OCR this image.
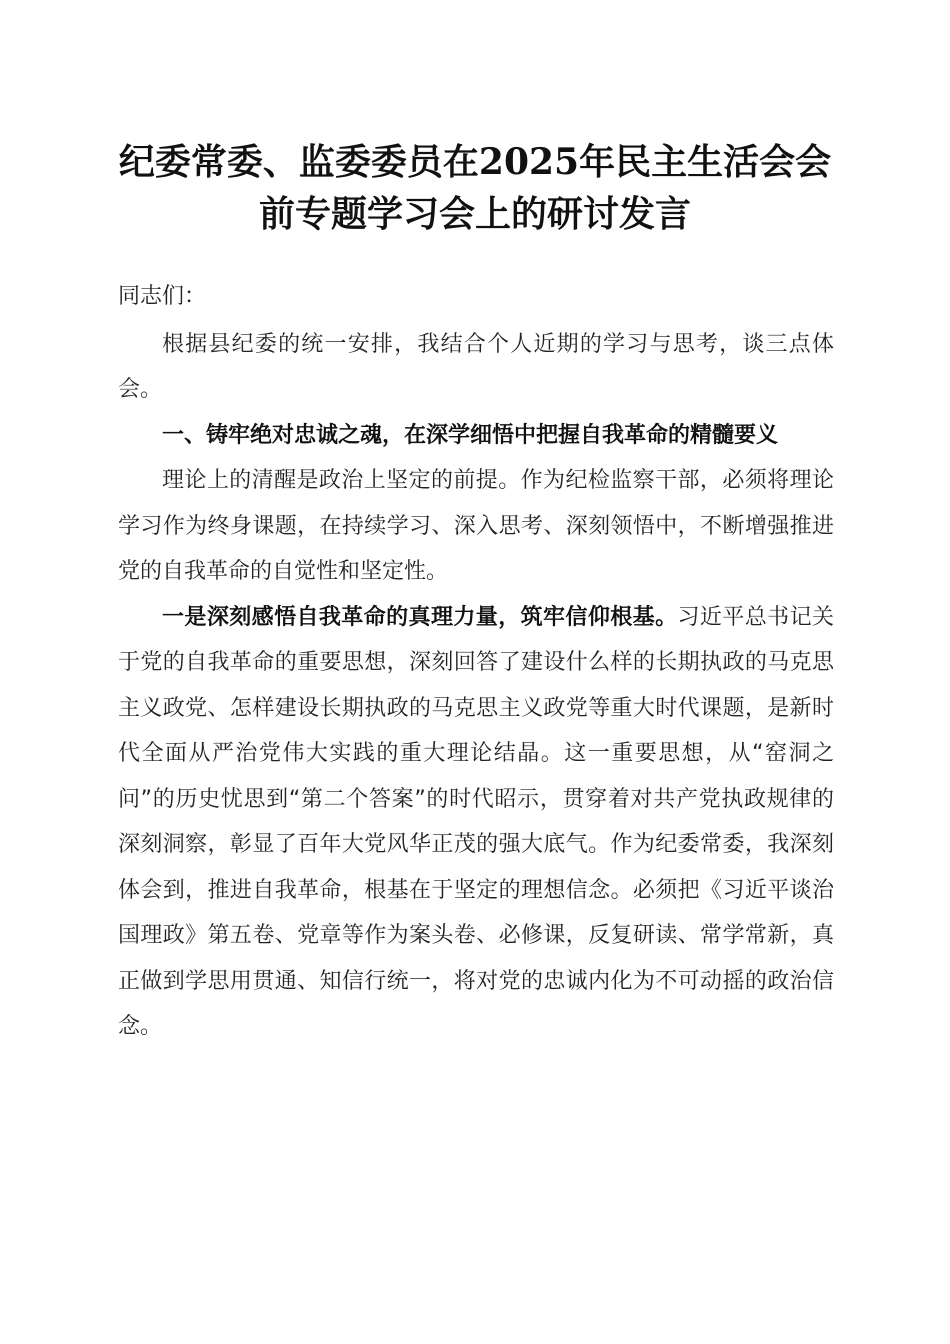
纪委常委、监委委员在2025年民主生活会会
前专题学习会上的研讨发言

同志们：

根据县纪委的统一安排，我结合个人近期的学习与思考，谈三点体会。

一、铸牢绝对忠诚之魂，在深学细悟中把握自我革命的精髓要义

理论上的清醒是政治上坚定的前提。作为纪检监察干部，必须将理论学习作为终身课题，在持续学习、深入思考、深刻领悟中，不断增强推进党的自我革命的自觉性和坚定性。

一是深刻感悟自我革命的真理力量，筑牢信仰根基。习近平总书记关于党的自我革命的重要思想，深刻回答了建设什么样的长期执政的马克思主义政党、怎样建设长期执政的马克思主义政党等重大时代课题，是新时代全面从严治党伟大实践的重大理论结晶。这一重要思想，从“窑洞之问”的历史忧思到“第二个答案”的时代昭示，贯穿着对共产党执政规律的深刻洞察，彰显了百年大党风华正茂的强大底气。作为纪委常委，我深刻体会到，推进自我革命，根基在于坚定的理想信念。必须把《习近平谈治国理政》第五卷、党章等作为案头卷、必修课，反复研读、常学常新，真正做到学思用贯通、知信行统一，将对党的忠诚内化为不可动摇的政治信念。
